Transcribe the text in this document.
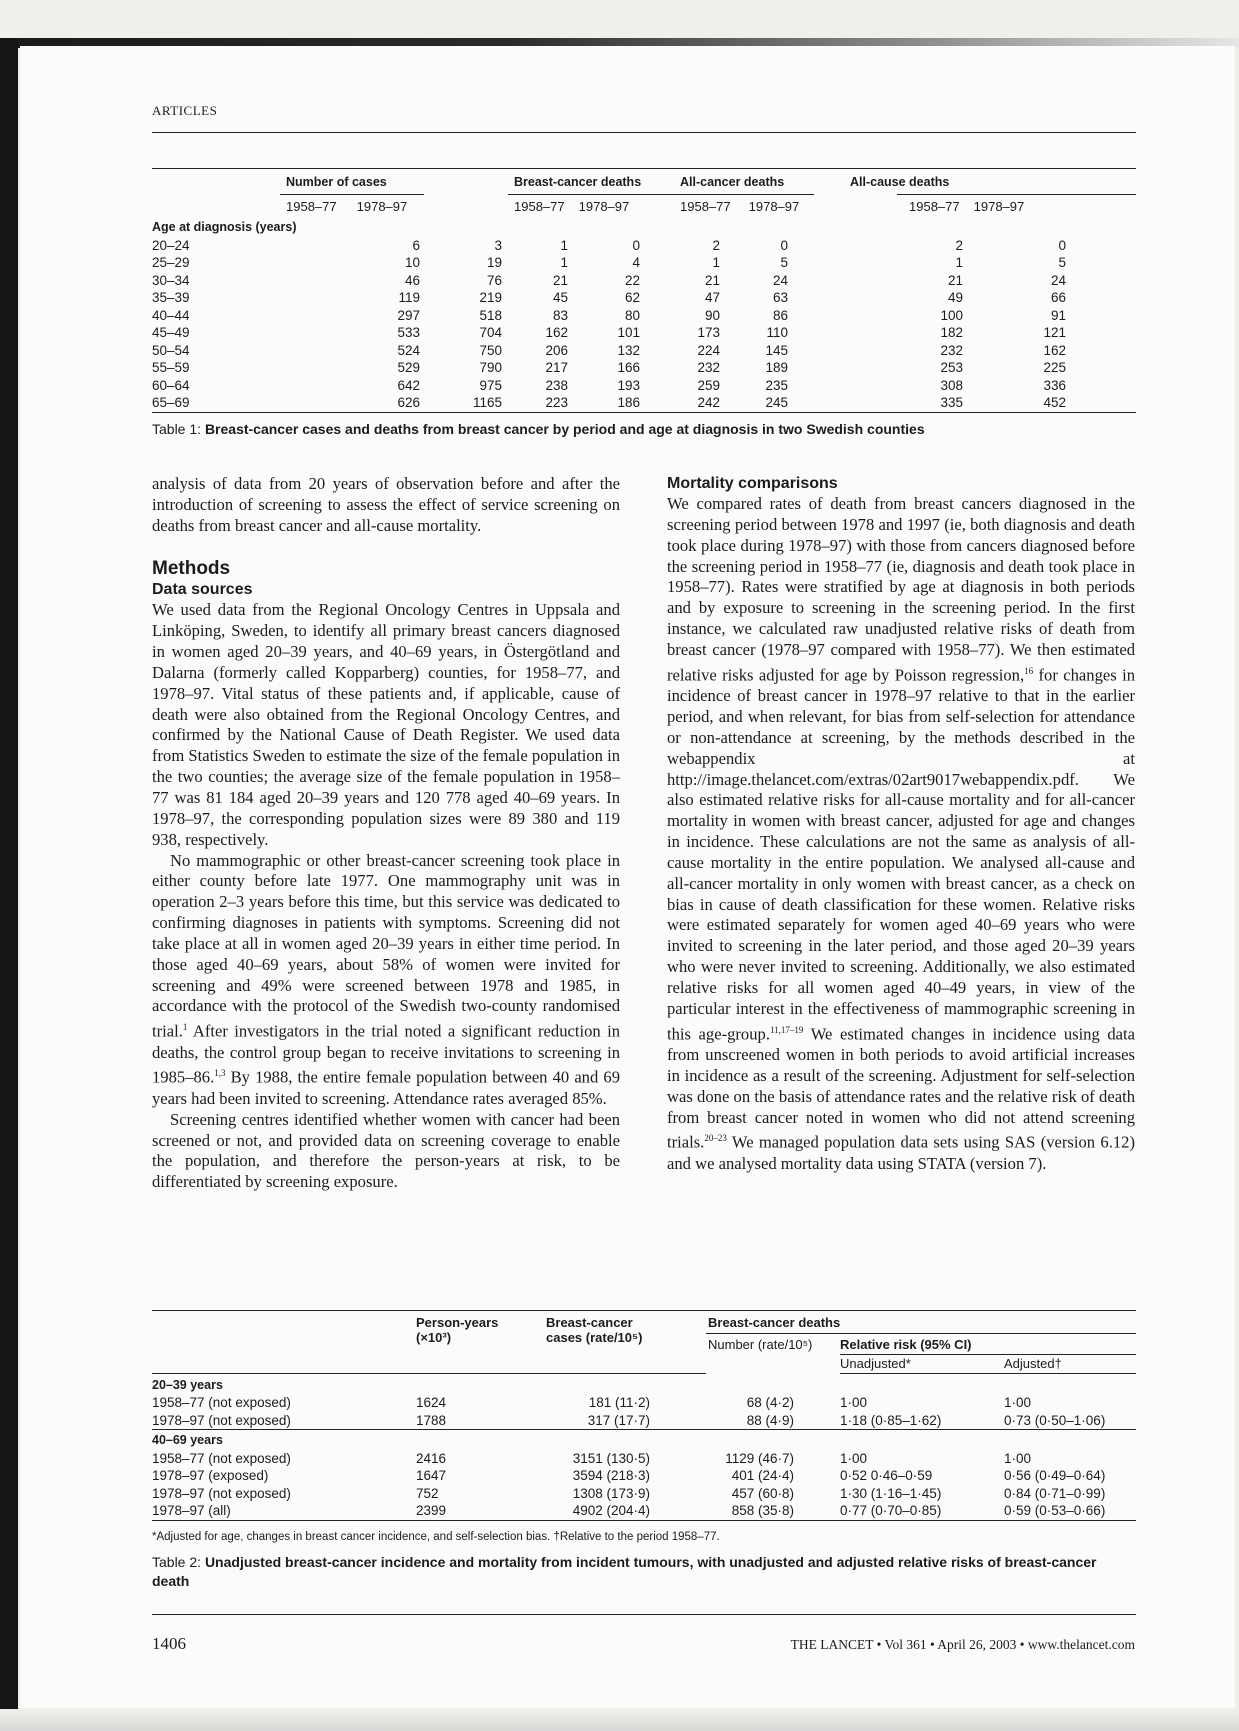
ARTICLES
	Number of cases			Breast-cancer deaths		All-cancer deaths		All-cause deaths		
	1958–77 1978–97			1958–77 1978–97		1958–77 1978–97			1958–77 1978–97	
Age at diagnosis (years)										
20–24		6	3	1	0	2	0		2	0
25–29		10	19	1	4	1	5		1	5
30–34		46	76	21	22	21	24		21	24
35–39		119	219	45	62	47	63		49	66
40–44		297	518	83	80	90	86		100	91
45–49		533	704	162	101	173	110		182	121
50–54		524	750	206	132	224	145		232	162
55–59		529	790	217	166	232	189		253	225
60–64		642	975	238	193	259	235		308	336
65–69		626	1165	223	186	242	245		335	452
Table 1: Breast-cancer cases and deaths from breast cancer by period and age at diagnosis in two Swedish counties

analysis of data from 20 years of observation before and after the introduction of screening to assess the effect of service screening on deaths from breast cancer and all-cause mortality.

Methods
Data sources

We used data from the Regional Oncology Centres in Uppsala and Linköping, Sweden, to identify all primary breast cancers diagnosed in women aged 20–39 years, and 40–69 years, in Östergötland and Dalarna (formerly called Kopparberg) counties, for 1958–77, and 1978–97. Vital status of these patients and, if applicable, cause of death were also obtained from the Regional Oncology Centres, and confirmed by the National Cause of Death Register. We used data from Statistics Sweden to estimate the size of the female population in the two counties; the average size of the female population in 1958–77 was 81 184 aged 20–39 years and 120 778 aged 40–69 years. In 1978–97, the corresponding population sizes were 89 380 and 119 938, respectively.

No mammographic or other breast-cancer screening took place in either county before late 1977. One mammography unit was in operation 2–3 years before this time, but this service was dedicated to confirming diagnoses in patients with symptoms. Screening did not take place at all in women aged 20–39 years in either time period. In those aged 40–69 years, about 58% of women were invited for screening and 49% were screened between 1978 and 1985, in accordance with the protocol of the Swedish two-county randomised trial.$^1$ After investigators in the trial noted a significant reduction in deaths, the control group began to receive invitations to screening in 1985–86.$^{1,3}$ By 1988, the entire female population between 40 and 69 years had been invited to screening. Attendance rates averaged 85%.

Screening centres identified whether women with cancer had been screened or not, and provided data on screening coverage to enable the population, and therefore the person-years at risk, to be differentiated by screening exposure.

Mortality comparisons

We compared rates of death from breast cancers diagnosed in the screening period between 1978 and 1997 (ie, both diagnosis and death took place during 1978–97) with those from cancers diagnosed before the screening period in 1958–77 (ie, diagnosis and death took place in 1958–77). Rates were stratified by age at diagnosis in both periods and by exposure to screening in the screening period. In the first instance, we calculated raw unadjusted relative risks of death from breast cancer (1978–97 compared with 1958–77). We then estimated relative risks adjusted for age by Poisson regression,$^{16}$ for changes in incidence of breast cancer in 1978–97 relative to that in the earlier period, and when relevant, for bias from self-selection for attendance or non-attendance at screening, by the methods described in the webappendix at http://image.thelancet.com/extras/02art9017webappendix.pdf. We also estimated relative risks for all-cause mortality and for all-cancer mortality in women with breast cancer, adjusted for age and changes in incidence. These calculations are not the same as analysis of all-cause mortality in the entire population. We analysed all-cause and all-cancer mortality in only women with breast cancer, as a check on bias in cause of death classification for these women. Relative risks were estimated separately for women aged 40–69 years who were invited to screening in the later period, and those aged 20–39 years who were never invited to screening. Additionally, we also estimated relative risks for all women aged 40–49 years, in view of the particular interest in the effectiveness of mammographic screening in this age-group.$^{11,17-19}$ We estimated changes in incidence using data from unscreened women in both periods to avoid artificial increases in incidence as a result of the screening. Adjustment for self-selection was done on the basis of attendance rates and the relative risk of death from breast cancer noted in women who did not attend screening trials.$^{20-23}$ We managed population data sets using SAS (version 6.12) and we analysed mortality data using STATA (version 7).

	Person-years
(×10³)	Breast-cancer
cases (rate/10⁵)	Breast-cancer deaths		
			Number (rate/10⁵)	Relative risk (95% CI)	
				Unadjusted*	Adjusted†
20–39 years					
1958–77 (not exposed)	1624	181 (11·2)	68 (4·2)	1·00	1·00
1978–97 (not exposed)	1788	317 (17·7)	88 (4·9)	1·18 (0·85–1·62)	0·73 (0·50–1·06)
40–69 years					
1958–77 (not exposed)	2416	3151 (130·5)	1129 (46·7)	1·00	1·00
1978–97 (exposed)	1647	3594 (218·3)	401 (24·4)	0·52 0·46–0·59	0·56 (0·49–0·64)
1978–97 (not exposed)	752	1308 (173·9)	457 (60·8)	1·30 (1·16–1·45)	0·84 (0·71–0·99)
1978–97 (all)	2399	4902 (204·4)	858 (35·8)	0·77 (0·70–0·85)	0·59 (0·53–0·66)
*Adjusted for age, changes in breast cancer incidence, and self-selection bias. †Relative to the period 1958–77.
Table 2: Unadjusted breast-cancer incidence and mortality from incident tumours, with unadjusted and adjusted relative risks of breast-cancer death
1406	THE LANCET • Vol 361 • April 26, 2003 • www.thelancet.com
